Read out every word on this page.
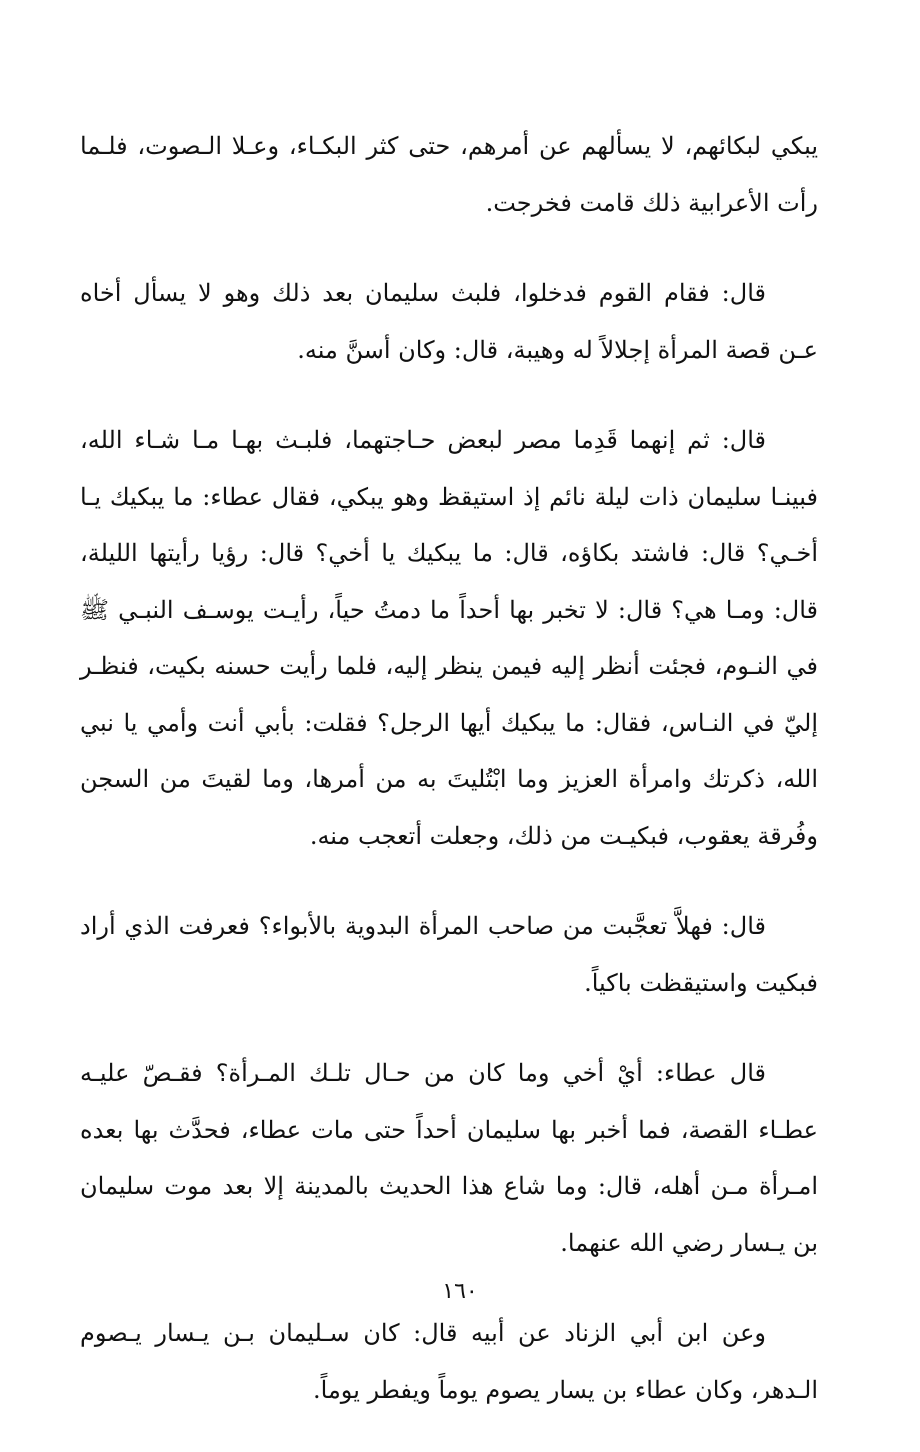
يبكي لبكائهم، لا يسألهم عن أمرهم، حتى كثر البكـاء، وعـلا الـصوت، فلـما رأت الأعرابية ذلك قامت فخرجت.

قال: فقام القوم فدخلوا، فلبث سليمان بعد ذلك وهو لا يسأل أخاه عـن قصة المرأة إجلالاً له وهيبة، قال: وكان أسنَّ منه.

قال: ثم إنهما قَدِما مصر لبعض حـاجتهما، فلبـث بهـا مـا شـاء الله، فبينـا سليمان ذات ليلة نائم إذ استيقظ وهو يبكي، فقال عطاء: ما يبكيك يـا أخـي؟ قال: فاشتد بكاؤه، قال: ما يبكيك يا أخي؟ قال: رؤيا رأيتها الليلة، قال: ومـا هي؟ قال: لا تخبر بها أحداً ما دمتُ حياً، رأيـت يوسـف النبـي ﷺ في النـوم، فجئت أنظر إليه فيمن ينظر إليه، فلما رأيت حسنه بكيت، فنظـر إليّ في النـاس، فقال: ما يبكيك أيها الرجل؟ فقلت: بأبي أنت وأمي يا نبي الله، ذكرتك وامرأة العزيز وما ابْتُليتَ به من أمرها، وما لقيتَ من السجن وفُرقة يعقوب، فبكيـت من ذلك، وجعلت أتعجب منه.

قال: فهلاَّ تعجَّبت من صاحب المرأة البدوية بالأبواء؟ فعرفت الذي أراد فبكيت واستيقظت باكياً.

قال عطاء: أيْ أخي وما كان من حـال تلـك المـرأة؟ فقـصّ عليـه عطـاء القصة، فما أخبر بها سليمان أحداً حتى مات عطاء، فحدَّث بها بعده امـرأة مـن أهله، قال: وما شاع هذا الحديث بالمدينة إلا بعد موت سليمان بن يـسار رضي الله عنهما.

وعن ابن أبي الزناد عن أبيه قال: كان سـليمان بـن يـسار يـصوم الـدهر، وكان عطاء بن يسار يصوم يوماً ويفطر يوماً.

١٦٠
